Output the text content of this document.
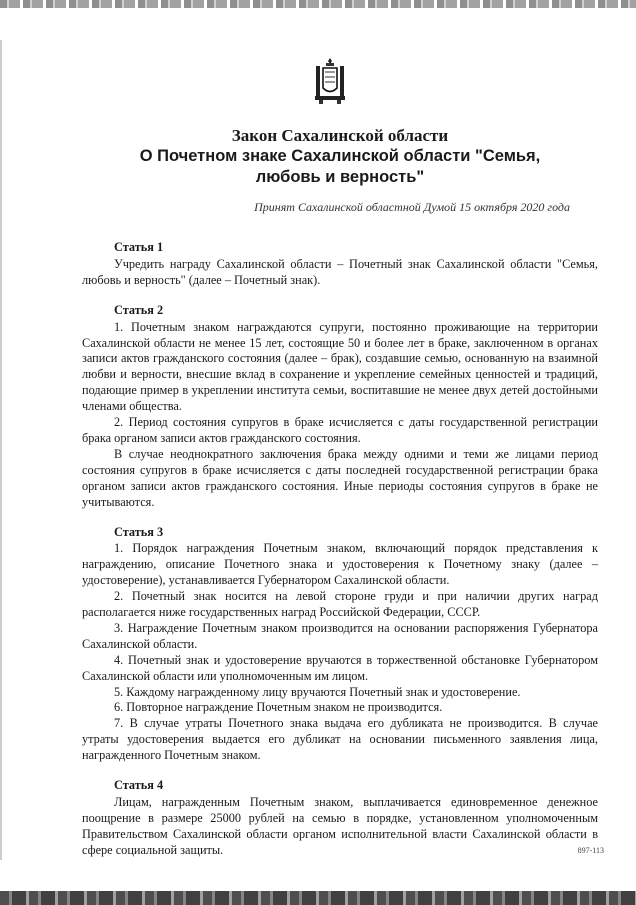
Закон Сахалинской области
О Почетном знаке Сахалинской области "Семья,
любовь и верность"
Принят Сахалинской областной Думой 15 октября 2020 года
Статья 1

Учредить награду Сахалинской области – Почетный знак Сахалинской области "Семья, любовь и верность" (далее – Почетный знак).

Статья 2

1. Почетным знаком награждаются супруги, постоянно проживающие на территории Сахалинской области не менее 15 лет, состоящие 50 и более лет в браке, заключенном в органах записи актов гражданского состояния (далее – брак), создавшие семью, основанную на взаимной любви и верности, внесшие вклад в сохранение и укрепление семейных ценностей и традиций, подающие пример в укреплении института семьи, воспитавшие не менее двух детей достойными членами общества.

2. Период состояния супругов в браке исчисляется с даты государственной регистрации брака органом записи актов гражданского состояния.

В случае неоднократного заключения брака между одними и теми же лицами период состояния супругов в браке исчисляется с даты последней государственной регистрации брака органом записи актов гражданского состояния. Иные периоды состояния супругов в браке не учитываются.

Статья 3

1. Порядок награждения Почетным знаком, включающий порядок представления к награждению, описание Почетного знака и удостоверения к Почетному знаку (далее – удостоверение), устанавливается Губернатором Сахалинской области.

2. Почетный знак носится на левой стороне груди и при наличии других наград располагается ниже государственных наград Российской Федерации, СССР.

3. Награждение Почетным знаком производится на основании распоряжения Губернатора Сахалинской области.

4. Почетный знак и удостоверение вручаются в торжественной обстановке Губернатором Сахалинской области или уполномоченным им лицом.

5. Каждому награжденному лицу вручаются Почетный знак и удостоверение.

6. Повторное награждение Почетным знаком не производится.

7. В случае утраты Почетного знака выдача его дубликата не производится. В случае утраты удостоверения выдается его дубликат на основании письменного заявления лица, награжденного Почетным знаком.

Статья 4

Лицам, награжденным Почетным знаком, выплачивается единовременное денежное поощрение в размере 25000 рублей на семью в порядке, установленном уполномоченным Правительством Сахалинской области органом исполнительной власти Сахалинской области в сфере социальной защиты.	897-113
